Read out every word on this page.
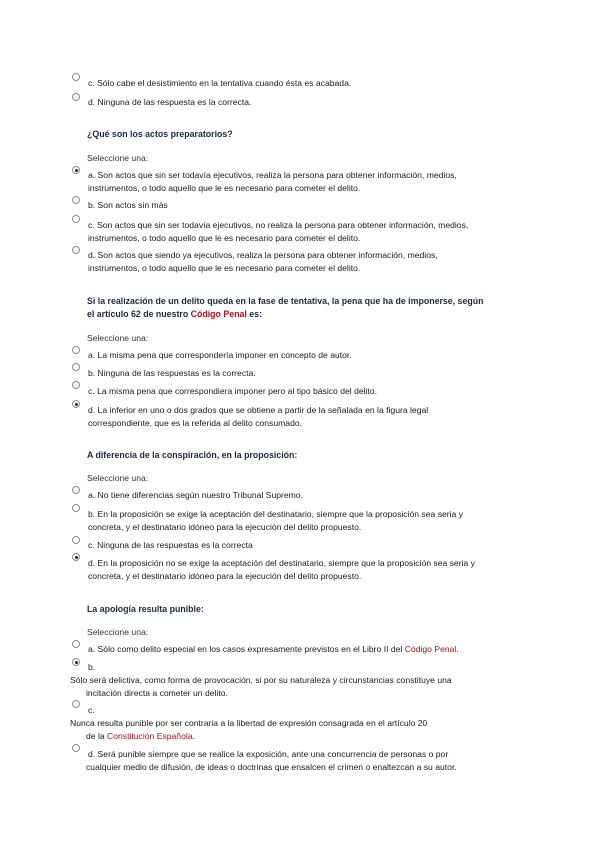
c. Sólo cabe el desistimiento en la tentativa cuando ésta es acabada.
d. Ninguna de las respuesta es la correcta.
¿Qué son los actos preparatorios?
Seleccione una:
a. Son actos que sin ser todavía ejecutivos, realiza la persona para obtener información, medios,
instrumentos, o todo aquello que le es necesario para cometer el delito.
b. Son actos sin más
c. Son actos que sin ser todavía ejecutivos, no realiza la persona para obtener información, medios,
instrumentos, o todo aquello que le es necesario para cometer el delito.
d. Son actos que siendo ya ejecutivos, realiza la persona para obtener información, medios,
instrumentos, o todo aquello que le es necesario para cometer el delito.
Si la realización de un delito queda en la fase de tentativa, la pena que ha de imponerse, según
el artículo 62 de nuestro Código Penal es:
Seleccione una:
a. La misma pena que correspondería imponer en concepto de autor.
b. Ninguna de las respuestas es la correcta.
c. La misma pena que correspondiera imponer pero al tipo básico del delito.
d. La inferior en uno o dos grados que se obtiene a partir de la señalada en la figura legal
correspondiente, que es la referida al delito consumado.
A diferencia de la conspiración, en la proposición:
Seleccione una:
a. No tiene diferencias según nuestro Tribunal Supremo.
b. En la proposición se exige la aceptación del destinatario, siempre que la proposición sea seria y
concreta, y el destinatario idóneo para la ejecución del delito propuesto.
c. Ninguna de las respuestas es la correcta
d. En la proposición no se exige la aceptación del destinatario, siempre que la proposición sea seria y
concreta, y el destinatario idóneo para la ejecución del delito propuesto.
La apología resulta punible:
Seleccione una:
a. Sólo como delito especial en los casos expresamente previstos en el Libro II del Código Penal.
b.
Sólo será delictiva, como forma de provocación, si por su naturaleza y circunstancias constituye una
incitación directa a cometer un delito.
c.
Nunca resulta punible por ser contraria a la libertad de expresión consagrada en el artículo 20
de la Constitución Española.
d. Será punible siempre que se realice la exposición, ante una concurrencia de personas o por
cualquier medio de difusión, de ideas o doctrinas que ensalcen el crimen o enaltezcan a su autor.
